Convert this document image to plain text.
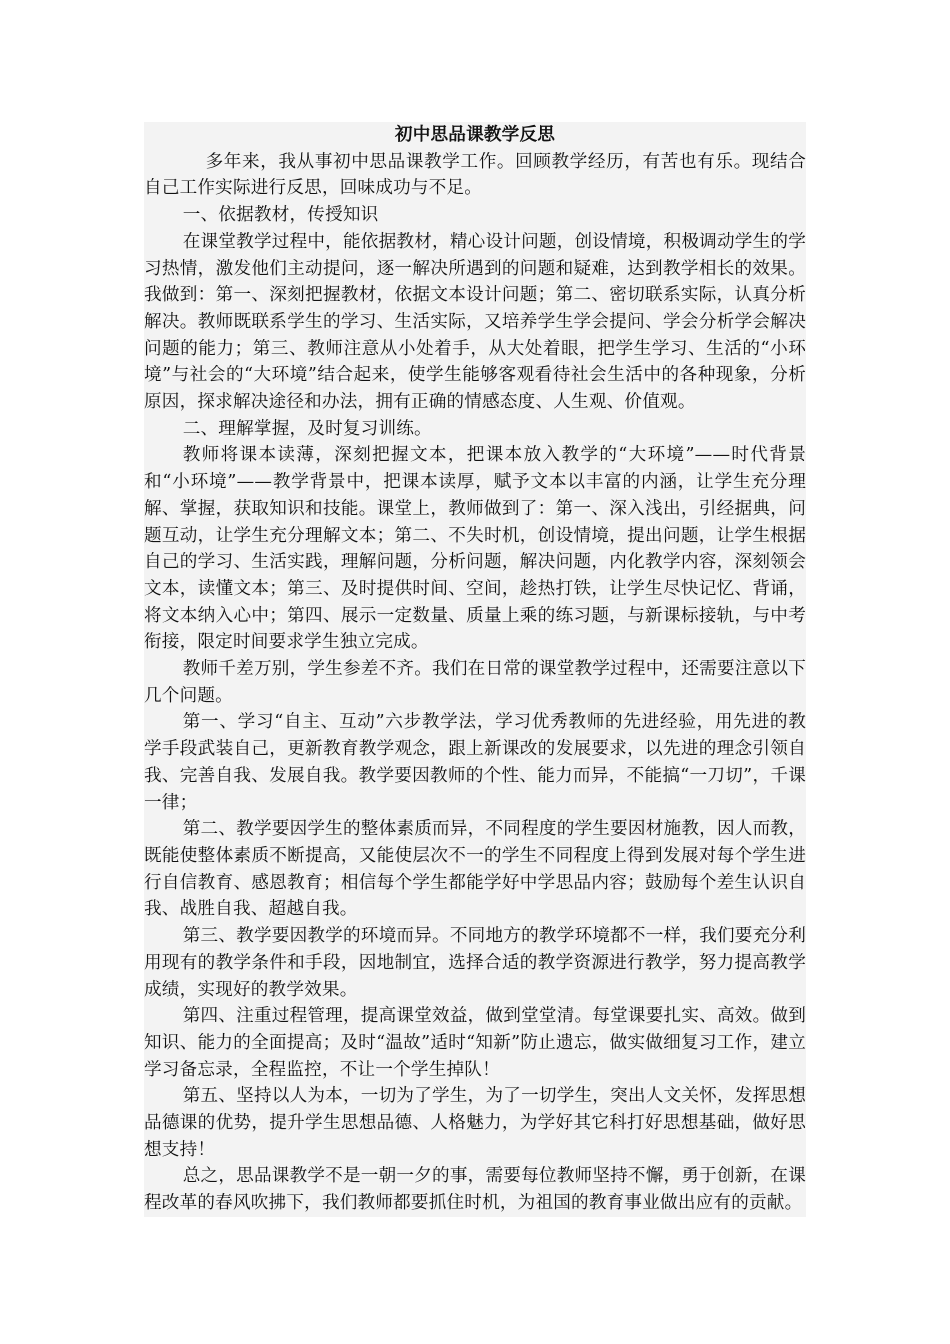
初中思品课教学反思

多年来，我从事初中思品课教学工作。回顾教学经历，有苦也有乐。现结合自己工作实际进行反思，回味成功与不足。

一、依据教材，传授知识

在课堂教学过程中，能依据教材，精心设计问题，创设情境，积极调动学生的学习热情，激发他们主动提问，逐一解决所遇到的问题和疑难，达到教学相长的效果。我做到：第一、深刻把握教材，依据文本设计问题；第二、密切联系实际，认真分析解决。教师既联系学生的学习、生活实际，又培养学生学会提问、学会分析学会解决问题的能力；第三、教师注意从小处着手，从大处着眼，把学生学习、生活的“小环境”与社会的“大环境”结合起来，使学生能够客观看待社会生活中的各种现象，分析原因，探求解决途径和办法，拥有正确的情感态度、人生观、价值观。

二、理解掌握，及时复习训练。

教师将课本读薄，深刻把握文本，把课本放入教学的“大环境”——时代背景和“小环境”——教学背景中，把课本读厚，赋予文本以丰富的内涵，让学生充分理解、掌握，获取知识和技能。课堂上，教师做到了：第一、深入浅出，引经据典，问题互动，让学生充分理解文本；第二、不失时机，创设情境，提出问题，让学生根据自己的学习、生活实践，理解问题，分析问题，解决问题，内化教学内容，深刻领会文本，读懂文本；第三、及时提供时间、空间，趁热打铁，让学生尽快记忆、背诵，将文本纳入心中；第四、展示一定数量、质量上乘的练习题，与新课标接轨，与中考衔接，限定时间要求学生独立完成。

教师千差万别，学生参差不齐。我们在日常的课堂教学过程中，还需要注意以下几个问题。

第一、学习“自主、互动”六步教学法，学习优秀教师的先进经验，用先进的教学手段武装自己，更新教育教学观念，跟上新课改的发展要求，以先进的理念引领自我、完善自我、发展自我。教学要因教师的个性、能力而异，不能搞“一刀切”，千课一律；

第二、教学要因学生的整体素质而异，不同程度的学生要因材施教，因人而教，既能使整体素质不断提高，又能使层次不一的学生不同程度上得到发展对每个学生进行自信教育、感恩教育；相信每个学生都能学好中学思品内容；鼓励每个差生认识自我、战胜自我、超越自我。

第三、教学要因教学的环境而异。不同地方的教学环境都不一样，我们要充分利用现有的教学条件和手段，因地制宜，选择合适的教学资源进行教学，努力提高教学成绩，实现好的教学效果。

第四、注重过程管理，提高课堂效益，做到堂堂清。每堂课要扎实、高效。做到知识、能力的全面提高；及时“温故”适时“知新”防止遗忘，做实做细复习工作，建立学习备忘录，全程监控，不让一个学生掉队！

第五、坚持以人为本，一切为了学生，为了一切学生，突出人文关怀，发挥思想品德课的优势，提升学生思想品德、人格魅力，为学好其它科打好思想基础，做好思想支持！

总之，思品课教学不是一朝一夕的事，需要每位教师坚持不懈，勇于创新，在课程改革的春风吹拂下，我们教师都要抓住时机，为祖国的教育事业做出应有的贡献。
